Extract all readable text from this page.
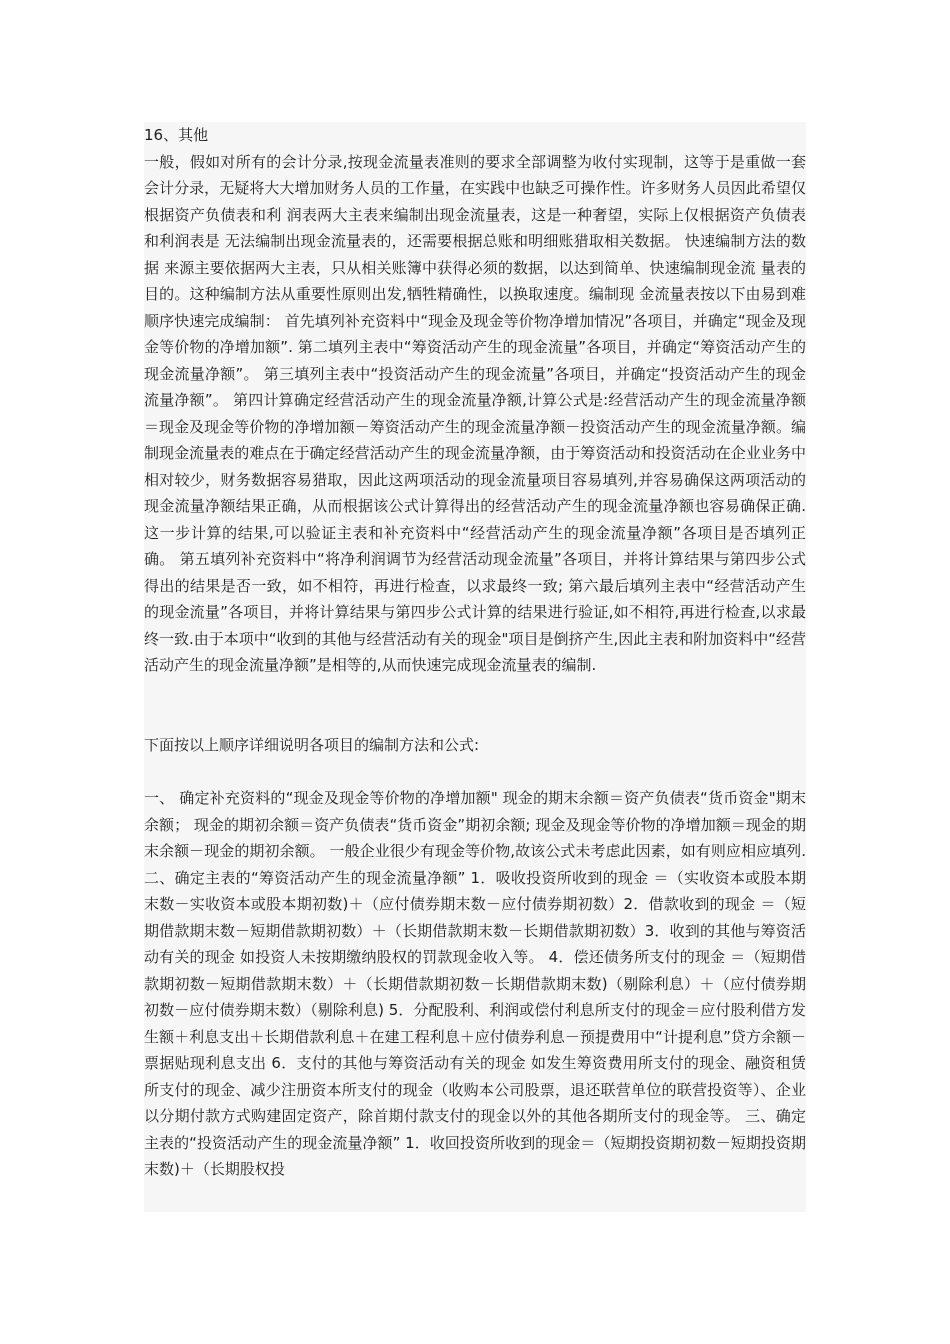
16、其他

一般，假如对所有的会计分录,按现金流量表准则的要求全部调整为收付实现制，这等于是重做一套会计分录，无疑将大大增加财务人员的工作量，在实践中也缺乏可操作性。许多财务人员因此希望仅根据资产负债表和利 润表两大主表来编制出现金流量表，这是一种奢望，实际上仅根据资产负债表和利润表是 无法编制出现金流量表的，还需要根据总账和明细账猎取相关数据。 快速编制方法的数据 来源主要依据两大主表，只从相关账簿中获得必须的数据，以达到简单、快速编制现金流 量表的目的。这种编制方法从重要性原则出发,牺牲精确性，以换取速度。编制现 金流量表按以下由易到难顺序快速完成编制： 首先填列补充资料中“现金及现金等价物净增加情况”各项目，并确定“现金及现金等价物的净增加额”. 第二填列主表中“筹资活动产生的现金流量”各项目，并确定“筹资活动产生的现金流量净额”。 第三填列主表中“投资活动产生的现金流量”各项目，并确定“投资活动产生的现金流量净额”。 第四计算确定经营活动产生的现金流量净额,计算公式是:经营活动产生的现金流量净额＝现金及现金等价物的净增加额－筹资活动产生的现金流量净额－投资活动产生的现金流量净额。编制现金流量表的难点在于确定经营活动产生的现金流量净额，由于筹资活动和投资活动在企业业务中相对较少，财务数据容易猎取，因此这两项活动的现金流量项目容易填列,并容易确保这两项活动的现金流量净额结果正确，从而根据该公式计算得出的经营活动产生的现金流量净额也容易确保正确.这一步计算的结果,可以验证主表和补充资料中“经营活动产生的现金流量净额”各项目是否填列正确。 第五填列补充资料中“将净利润调节为经营活动现金流量”各项目，并将计算结果与第四步公式得出的结果是否一致，如不相符，再进行检查，以求最终一致; 第六最后填列主表中“经营活动产生的现金流量”各项目，并将计算结果与第四步公式计算的结果进行验证,如不相符,再进行检查,以求最终一致.由于本项中“收到的其他与经营活动有关的现金"项目是倒挤产生,因此主表和附加资料中“经营活动产生的现金流量净额”是相等的,从而快速完成现金流量表的编制.

下面按以上顺序详细说明各项目的编制方法和公式:

一、 确定补充资料的“现金及现金等价物的净增加额" 现金的期末余额＝资产负债表“货币资金"期末余额； 现金的期初余额＝资产负债表“货币资金”期初余额; 现金及现金等价物的净增加额＝现金的期末余额－现金的期初余额。 一般企业很少有现金等价物,故该公式未考虑此因素，如有则应相应填列. 二、确定主表的“筹资活动产生的现金流量净额” 1．吸收投资所收到的现金 ＝（实收资本或股本期末数－实收资本或股本期初数)＋（应付债券期末数－应付债券期初数）2．借款收到的现金 ＝（短期借款期末数－短期借款期初数）＋（长期借款期末数－长期借款期初数）3．收到的其他与筹资活动有关的现金 如投资人未按期缴纳股权的罚款现金收入等。 4．偿还债务所支付的现金 ＝（短期借款期初数－短期借款期末数）＋（长期借款期初数－长期借款期末数)（剔除利息）＋（应付债券期初数－应付债券期末数）（剔除利息) 5．分配股利、利润或偿付利息所支付的现金＝应付股利借方发生额＋利息支出＋长期借款利息＋在建工程利息＋应付债券利息－预提费用中“计提利息”贷方余额－票据贴现利息支出 6．支付的其他与筹资活动有关的现金 如发生筹资费用所支付的现金、融资租赁所支付的现金、减少注册资本所支付的现金（收购本公司股票，退还联营单位的联营投资等）、企业以分期付款方式购建固定资产，除首期付款支付的现金以外的其他各期所支付的现金等。 三、确定主表的“投资活动产生的现金流量净额” 1．收回投资所收到的现金＝（短期投资期初数－短期投资期末数)＋（长期股权投
